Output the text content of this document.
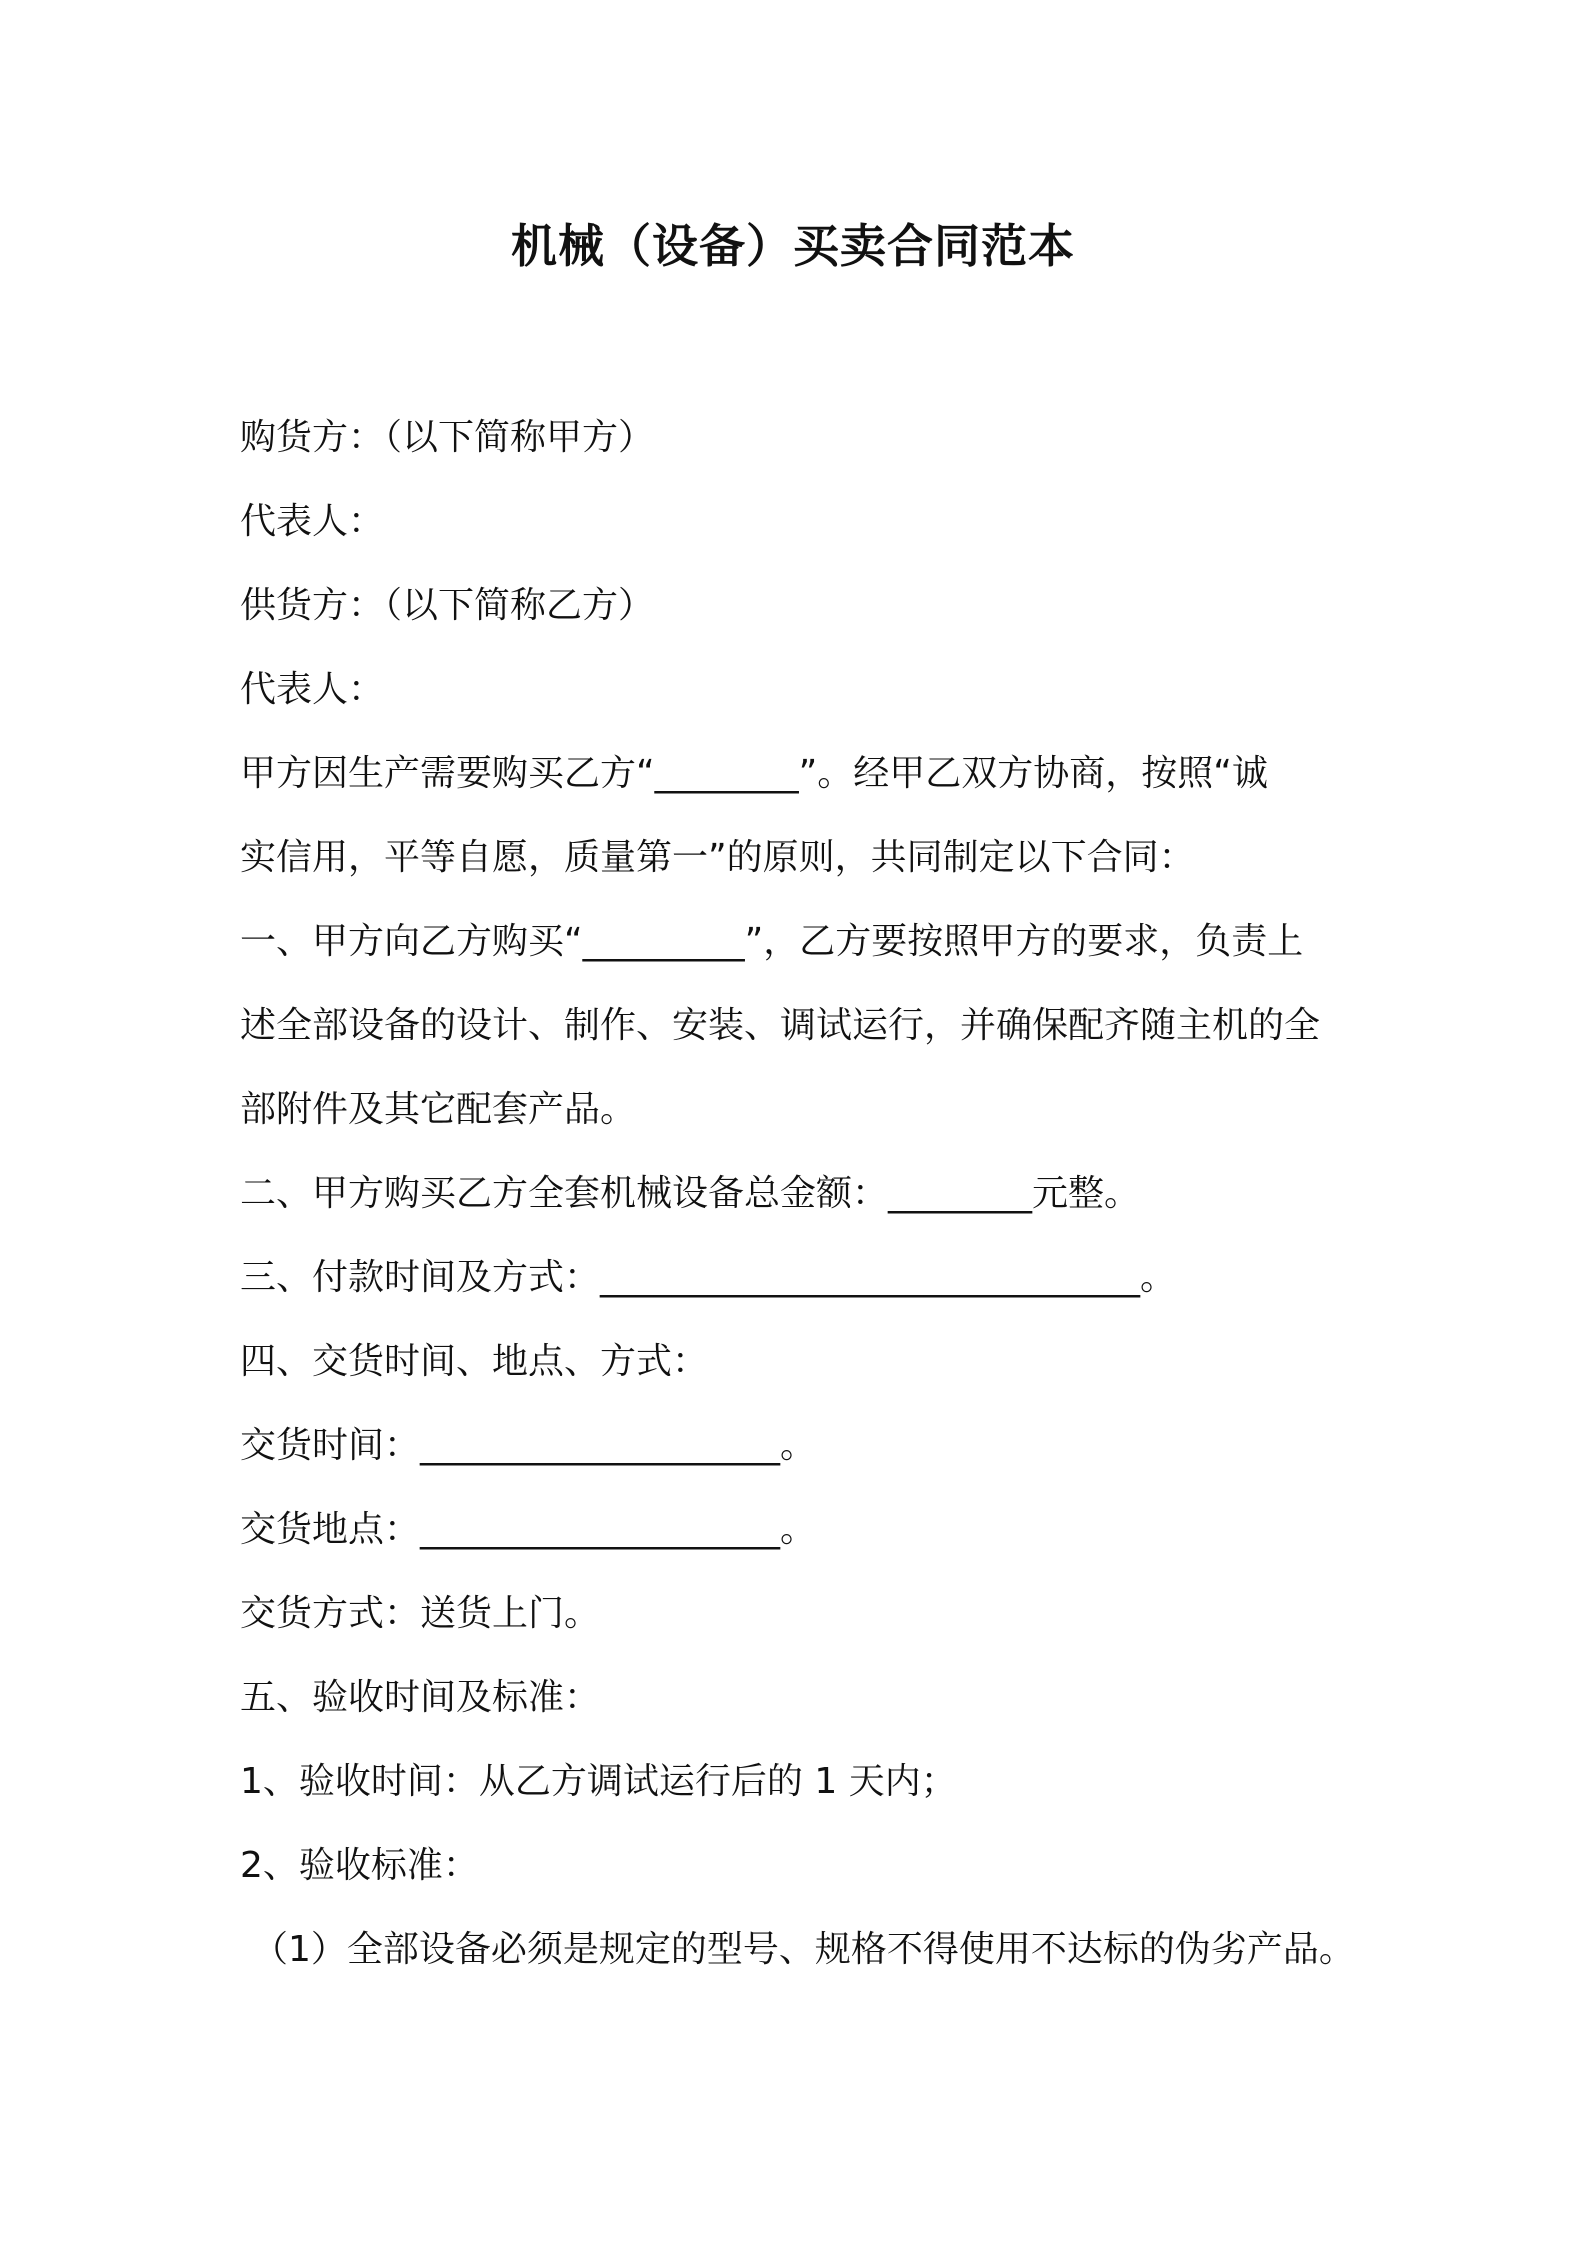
机械（设备）买卖合同范本
购货方：（以下简称甲方）
代表人：
供货方：（以下简称乙方）
代表人：
甲方因生产需要购买乙方“________”。经甲乙双方协商，按照“诚
实信用，平等自愿，质量第一”的原则，共同制定以下合同：
一、甲方向乙方购买“_________”，乙方要按照甲方的要求，负责上
述全部设备的设计、制作、安装、调试运行，并确保配齐随主机的全
部附件及其它配套产品。
二、甲方购买乙方全套机械设备总金额：________元整。
三、付款时间及方式：______________________________。
四、交货时间、地点、方式：
交货时间：____________________。
交货地点：____________________。
交货方式：送货上门。
五、验收时间及标准：
1、验收时间：从乙方调试运行后的 1 天内；
2、验收标准：
（1）全部设备必须是规定的型号、规格不得使用不达标的伪劣产品。
